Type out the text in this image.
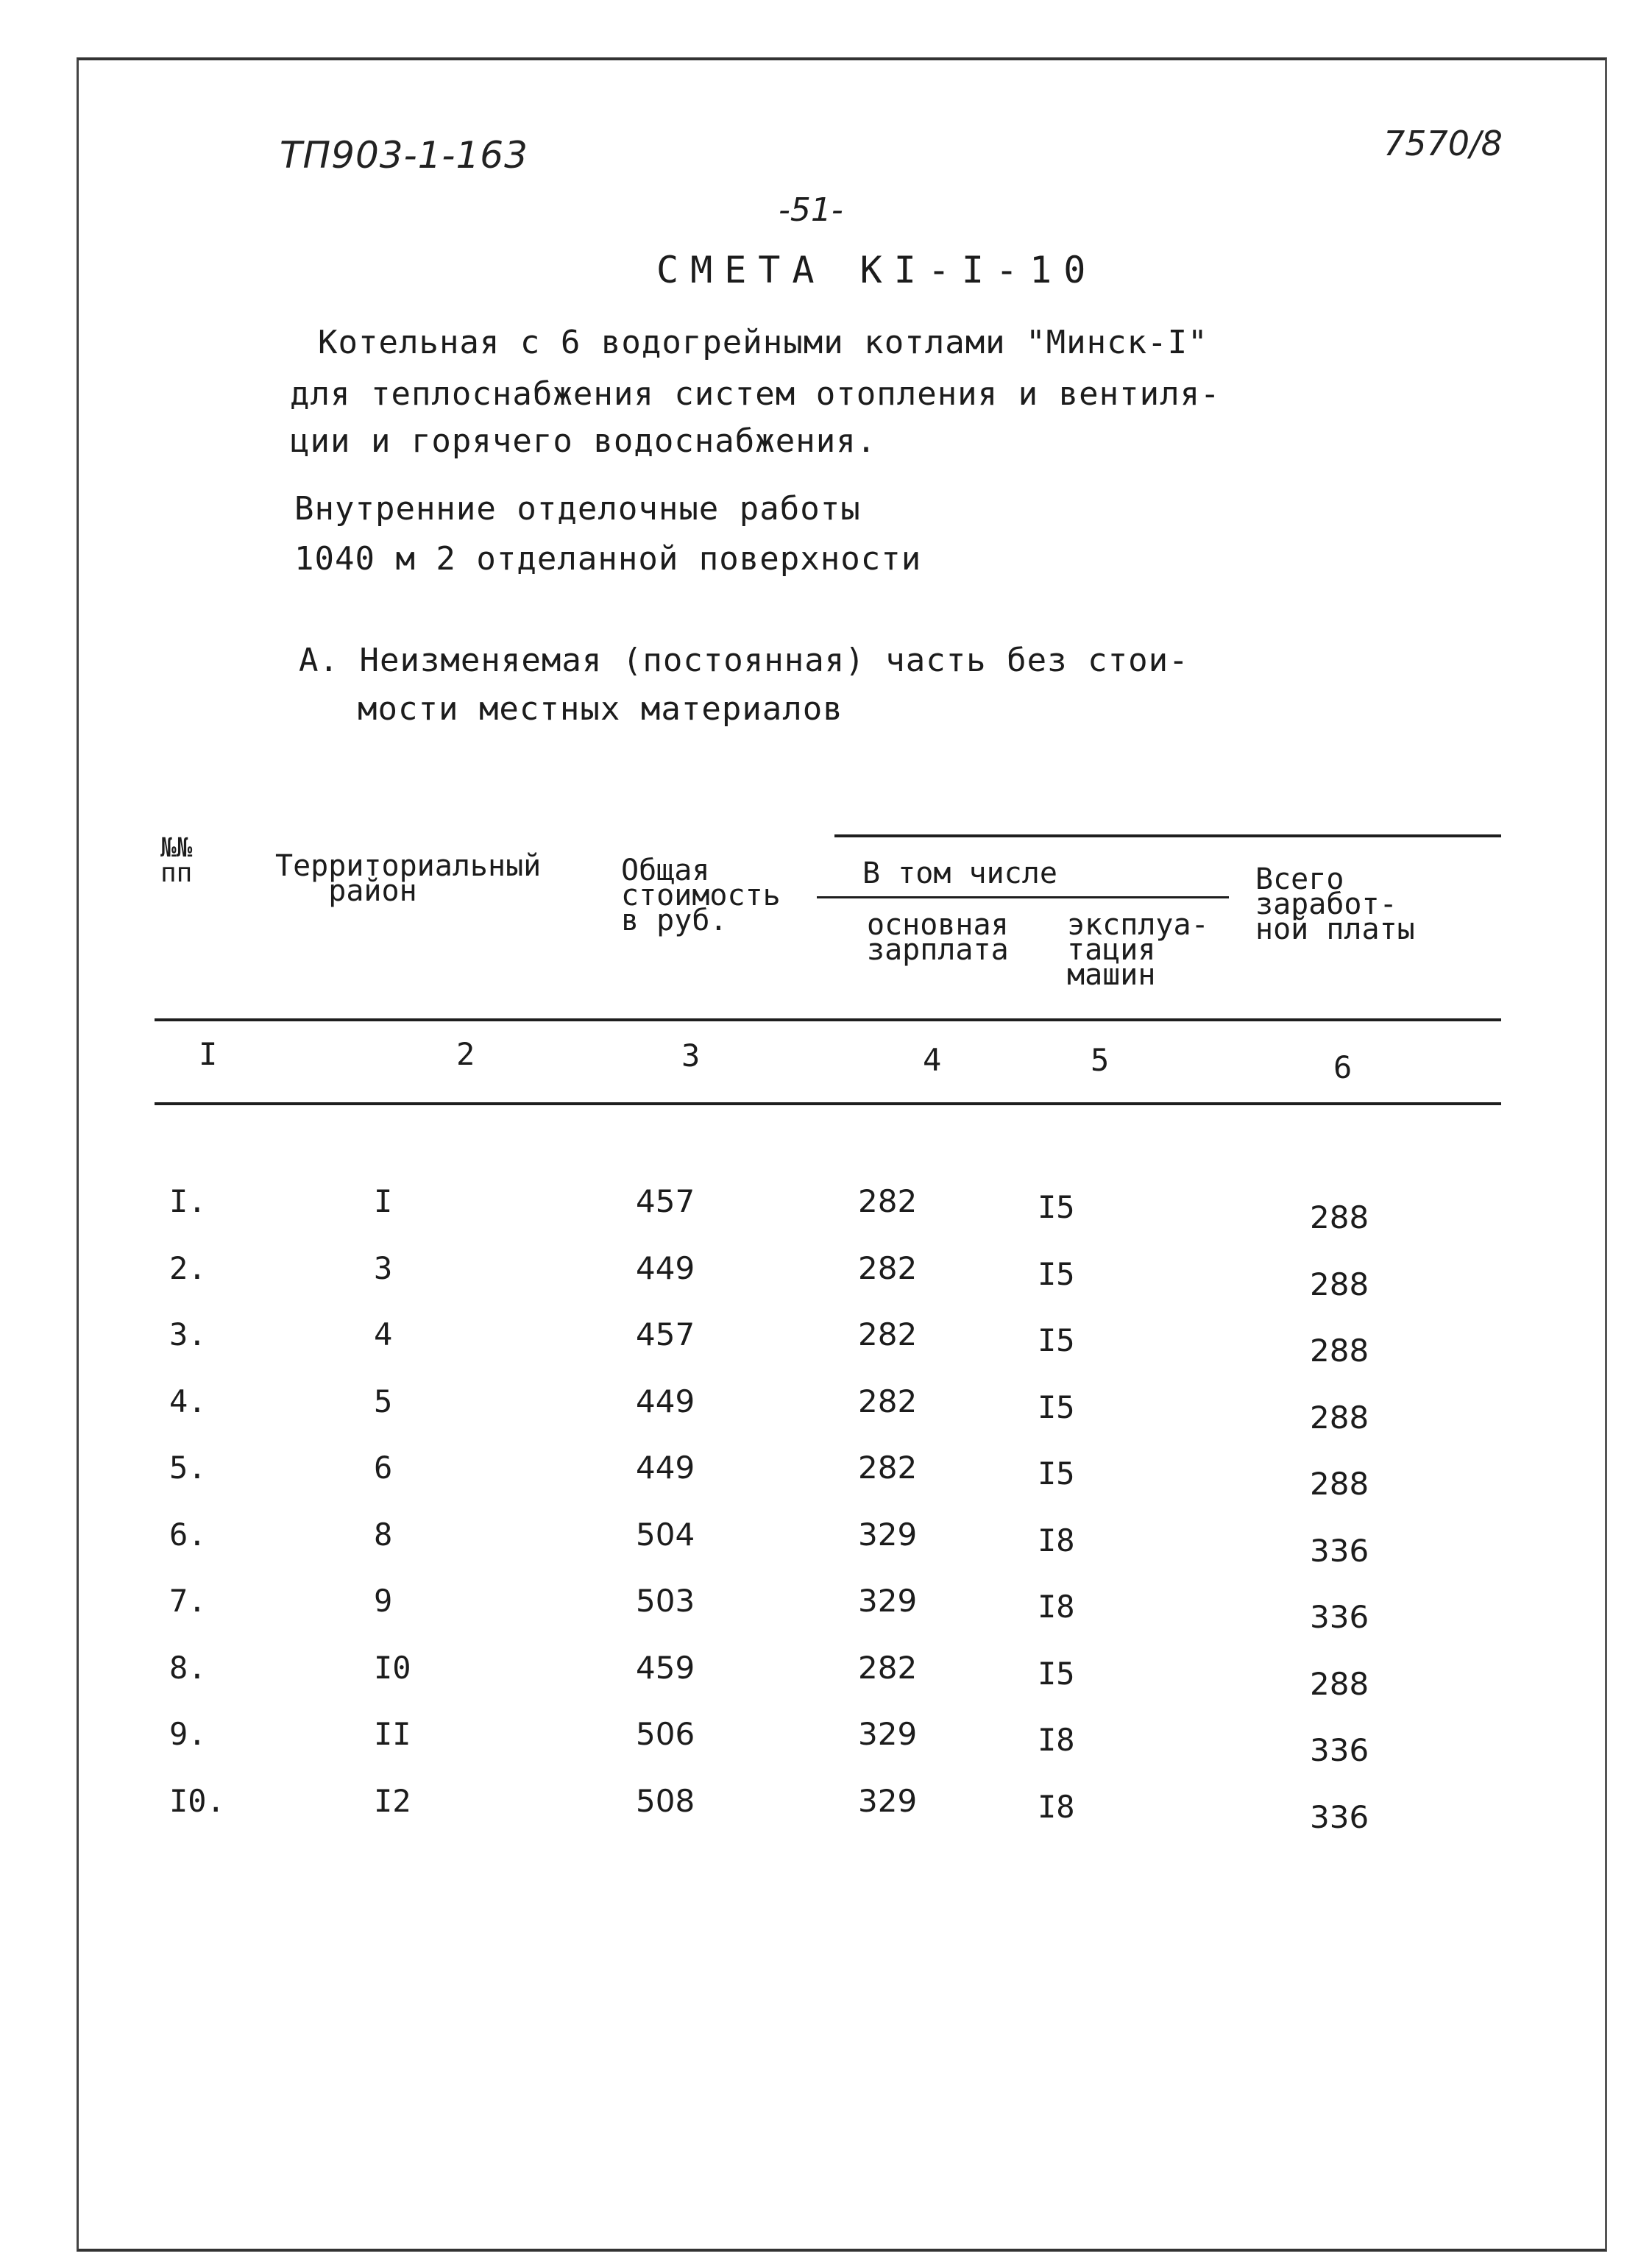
ТП903-1-163	7570/8
-51-
СМЕТА КI-I-10
Котельная с 6 водогрейными котлами "Минск-I"
для теплоснабжения систем отопления и вентиля-
ции и горячего водоснабжения.
Внутренние отделочные работы
1040 м 2 отделанной поверхности
А. Неизменяемая (постоянная) часть без стои-
мости местных материалов
№№
пп	Территориальный
район
Общая
стоимость
в руб.
В том числе
основная
зарплата
эксплуа-
тация
машин
Всего
заработ-
ной платы
I	2	3	4	5	6
I.	I	457	282	I5	288
2.	3	449	282	I5	288
3.	4	457	282	I5	288
4.	5	449	282	I5	288
5.	6	449	282	I5	288
6.	8	504	329	I8	336
7.	9	503	329	I8	336
8.	I0	459	282	I5	288
9.	II	506	329	I8	336
I0.	I2	508	329	I8	336
